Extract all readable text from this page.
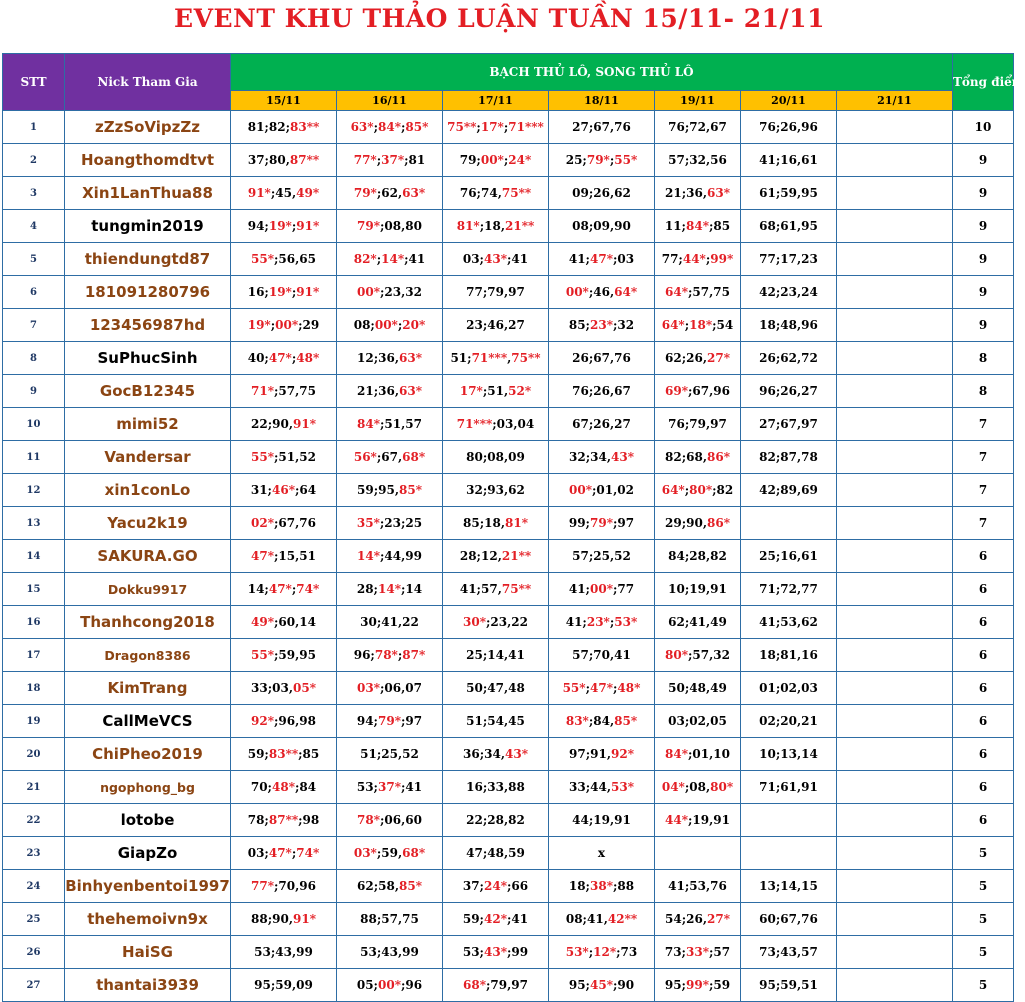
EVENT KHU THẢO LUẬN TUẦN 15/11- 21/11
STT	Nick Tham Gia	BẠCH THỦ LÔ, SONG THỦ LÔ							Tổng điểm
		15/11	16/11	17/11	18/11	19/11	20/11	21/11	
1	zZzSoVipzZz	81;82;83**	63*;84*;85*	75**;17*;71***	27;67,76	76;72,67	76;26,96		10
2	Hoangthomdtvt	37;80,87**	77*;37*;81	79;00*;24*	25;79*;55*	57;32,56	41;16,61		9
3	Xin1LanThua88	91*;45,49*	79*;62,63*	76;74,75**	09;26,62	21;36,63*	61;59,95		9
4	tungmin2019	94;19*;91*	79*;08,80	81*;18,21**	08;09,90	11;84*;85	68;61,95		9
5	thiendungtd87	55*;56,65	82*;14*;41	03;43*;41	41;47*;03	77;44*;99*	77;17,23		9
6	181091280796	16;19*;91*	00*;23,32	77;79,97	00*;46,64*	64*;57,75	42;23,24		9
7	123456987hd	19*;00*;29	08;00*;20*	23;46,27	85;23*;32	64*;18*;54	18;48,96		9
8	SuPhucSinh	40;47*;48*	12;36,63*	51;71***,75**	26;67,76	62;26,27*	26;62,72		8
9	GocB12345	71*;57,75	21;36,63*	17*;51,52*	76;26,67	69*;67,96	96;26,27		8
10	mimi52	22;90,91*	84*;51,57	71***;03,04	67;26,27	76;79,97	27;67,97		7
11	Vandersar	55*;51,52	56*;67,68*	80;08,09	32;34,43*	82;68,86*	82;87,78		7
12	xin1conLo	31;46*;64	59;95,85*	32;93,62	00*;01,02	64*;80*;82	42;89,69		7
13	Yacu2k19	02*;67,76	35*;23;25	85;18,81*	99;79*;97	29;90,86*			7
14	SAKURA.GO	47*;15,51	14*;44,99	28;12,21**	57;25,52	84;28,82	25;16,61		6
15	Dokku9917	14;47*;74*	28;14*;14	41;57,75**	41;00*;77	10;19,91	71;72,77		6
16	Thanhcong2018	49*;60,14	30;41,22	30*;23,22	41;23*;53*	62;41,49	41;53,62		6
17	Dragon8386	55*;59,95	96;78*;87*	25;14,41	57;70,41	80*;57,32	18;81,16		6
18	KimTrang	33;03,05*	03*;06,07	50;47,48	55*;47*;48*	50;48,49	01;02,03		6
19	CallMeVCS	92*;96,98	94;79*;97	51;54,45	83*;84,85*	03;02,05	02;20,21		6
20	ChiPheo2019	59;83**;85	51;25,52	36;34,43*	97;91,92*	84*;01,10	10;13,14		6
21	ngophong_bg	70;48*;84	53;37*;41	16;33,88	33;44,53*	04*;08,80*	71;61,91		6
22	lotobe	78;87**;98	78*;06,60	22;28,82	44;19,91	44*;19,91			6
23	GiapZo	03;47*;74*	03*;59,68*	47;48,59	x				5
24	Binhyenbentoi1997	77*;70,96	62;58,85*	37;24*;66	18;38*;88	41;53,76	13;14,15		5
25	thehemoivn9x	88;90,91*	88;57,75	59;42*;41	08;41,42**	54;26,27*	60;67,76		5
26	HaiSG	53;43,99	53;43,99	53;43*;99	53*;12*;73	73;33*;57	73;43,57		5
27	thantai3939	95;59,09	05;00*;96	68*;79,97	95;45*;90	95;99*;59	95;59,51		5
